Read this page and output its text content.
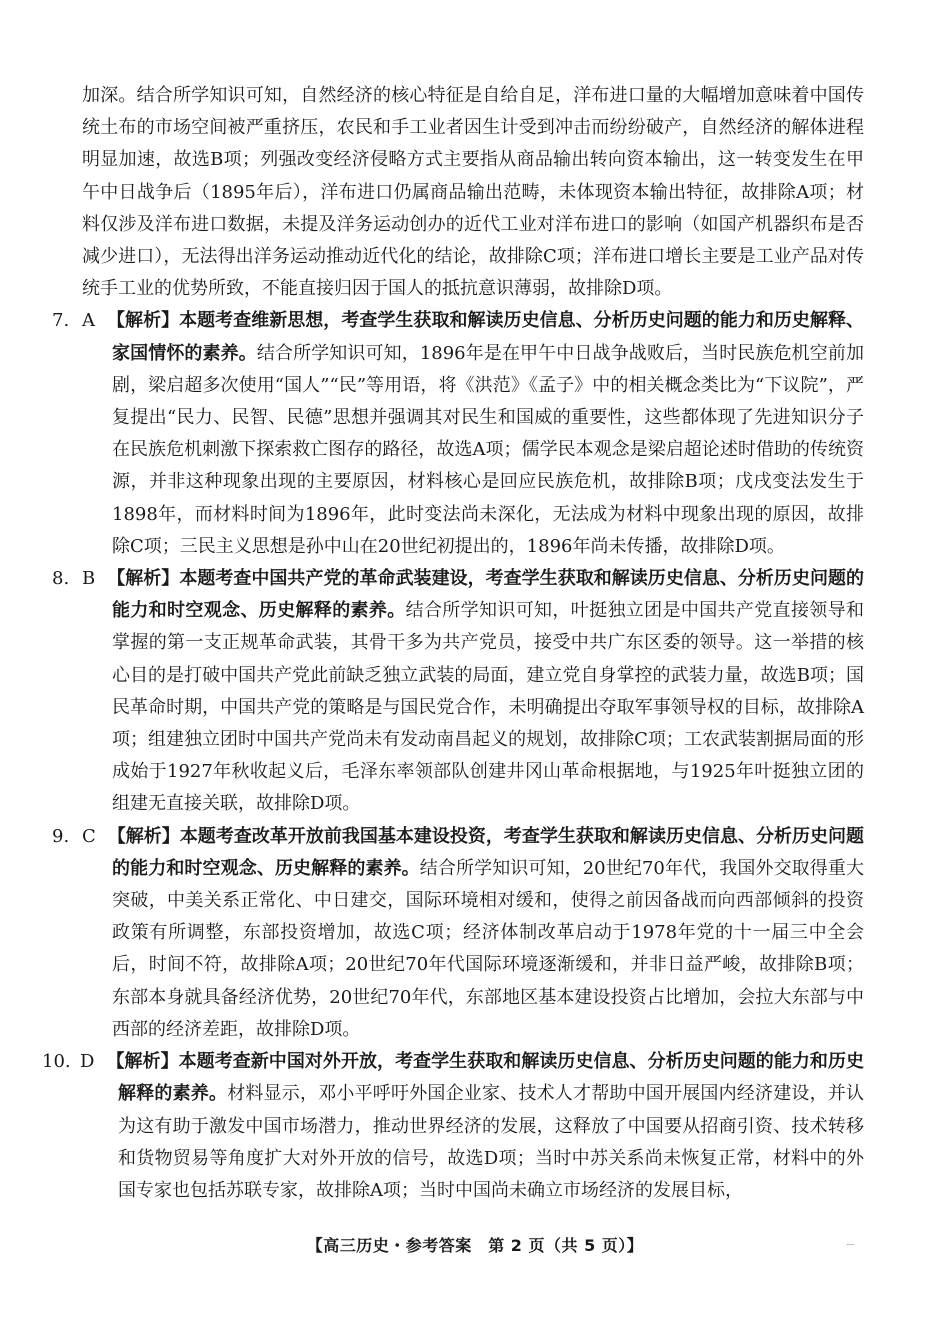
加深。结合所学知识可知，自然经济的核心特征是自给自足，洋布进口量的大幅增加意味着中国传统土布的市场空间被严重挤压，农民和手工业者因生计受到冲击而纷纷破产，自然经济的解体进程明显加速，故选B项；列强改变经济侵略方式主要指从商品输出转向资本输出，这一转变发生在甲午中日战争后（1895年后），洋布进口仍属商品输出范畴，未体现资本输出特征，故排除A项；材料仅涉及洋布进口数据，未提及洋务运动创办的近代工业对洋布进口的影响（如国产机器织布是否减少进口），无法得出洋务运动推动近代化的结论，故排除C项；洋布进口增长主要是工业产品对传统手工业的优势所致，不能直接归因于国人的抵抗意识薄弱，故排除D项。

7. A 【解析】本题考查维新思想，考查学生获取和解读历史信息、分析历史问题的能力和历史解释、家国情怀的素养。结合所学知识可知，1896年是在甲午中日战争战败后，当时民族危机空前加剧，梁启超多次使用“国人”“民”等用语，将《洪范》《孟子》中的相关概念类比为“下议院”，严复提出“民力、民智、民德”思想并强调其对民生和国威的重要性，这些都体现了先进知识分子在民族危机刺激下探索救亡图存的路径，故选A项；儒学民本观念是梁启超论述时借助的传统资源，并非这种现象出现的主要原因，材料核心是回应民族危机，故排除B项；戊戌变法发生于1898年，而材料时间为1896年，此时变法尚未深化，无法成为材料中现象出现的原因，故排除C项；三民主义思想是孙中山在20世纪初提出的，1896年尚未传播，故排除D项。

8. B 【解析】本题考查中国共产党的革命武装建设，考查学生获取和解读历史信息、分析历史问题的能力和时空观念、历史解释的素养。结合所学知识可知，叶挺独立团是中国共产党直接领导和掌握的第一支正规革命武装，其骨干多为共产党员，接受中共广东区委的领导。这一举措的核心目的是打破中国共产党此前缺乏独立武装的局面，建立党自身掌控的武装力量，故选B项；国民革命时期，中国共产党的策略是与国民党合作，未明确提出夺取军事领导权的目标，故排除A项；组建独立团时中国共产党尚未有发动南昌起义的规划，故排除C项；工农武装割据局面的形成始于1927年秋收起义后，毛泽东率领部队创建井冈山革命根据地，与1925年叶挺独立团的组建无直接关联，故排除D项。

9. C 【解析】本题考查改革开放前我国基本建设投资，考查学生获取和解读历史信息、分析历史问题的能力和时空观念、历史解释的素养。结合所学知识可知，20世纪70年代，我国外交取得重大突破，中美关系正常化、中日建交，国际环境相对缓和，使得之前因备战而向西部倾斜的投资政策有所调整，东部投资增加，故选C项；经济体制改革启动于1978年党的十一届三中全会后，时间不符，故排除A项；20世纪70年代国际环境逐渐缓和，并非日益严峻，故排除B项；东部本身就具备经济优势，20世纪70年代，东部地区基本建设投资占比增加，会拉大东部与中西部的经济差距，故排除D项。

10. D 【解析】本题考查新中国对外开放，考查学生获取和解读历史信息、分析历史问题的能力和历史解释的素养。材料显示，邓小平呼吁外国企业家、技术人才帮助中国开展国内经济建设，并认为这有助于激发中国市场潜力，推动世界经济的发展，这释放了中国要从招商引资、技术转移和货物贸易等角度扩大对外开放的信号，故选D项；当时中苏关系尚未恢复正常，材料中的外国专家也包括苏联专家，故排除A项；当时中国尚未确立市场经济的发展目标，

【高三历史・参考答案　第 2 页（共 5 页）】
